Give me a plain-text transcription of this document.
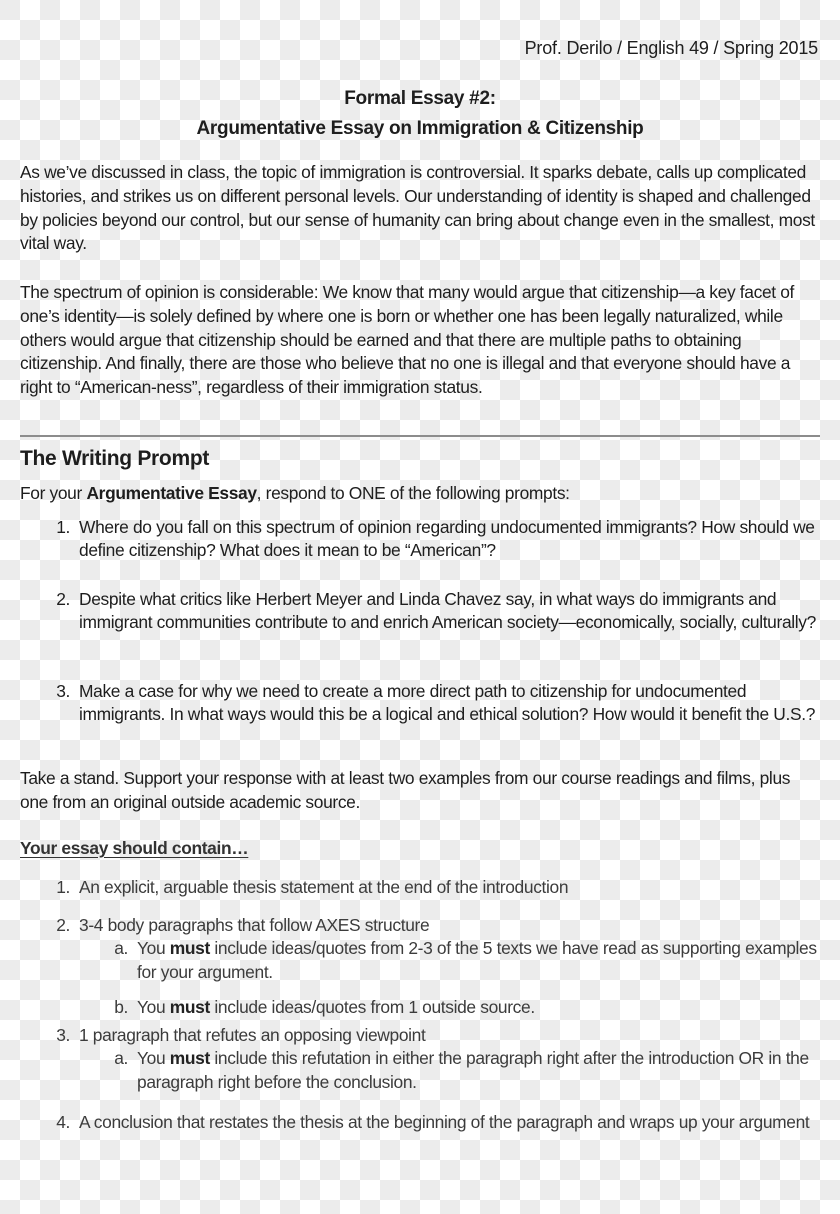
Prof. Derilo / English 49 / Spring 2015
Formal Essay #2:
Argumentative Essay on Immigration & Citizenship
As we’ve discussed in class, the topic of immigration is controversial. It sparks debate, calls up complicated histories, and strikes us on different personal levels. Our understanding of identity is shaped and challenged by policies beyond our control, but our sense of humanity can bring about change even in the smallest, most vital way.
The spectrum of opinion is considerable: We know that many would argue that citizenship—a key facet of one’s identity—is solely defined by where one is born or whether one has been legally naturalized, while others would argue that citizenship should be earned and that there are multiple paths to obtaining citizenship. And finally, there are those who believe that no one is illegal and that everyone should have a right to “American-ness”, regardless of their immigration status.
The Writing Prompt
For your Argumentative Essay, respond to ONE of the following prompts:
1. Where do you fall on this spectrum of opinion regarding undocumented immigrants? How should we define citizenship? What does it mean to be “American”?
2. Despite what critics like Herbert Meyer and Linda Chavez say, in what ways do immigrants and immigrant communities contribute to and enrich American society—economically, socially, culturally?
3. Make a case for why we need to create a more direct path to citizenship for undocumented immigrants. In what ways would this be a logical and ethical solution? How would it benefit the U.S.?
Take a stand. Support your response with at least two examples from our course readings and films, plus one from an original outside academic source.
Your essay should contain…
1. An explicit, arguable thesis statement at the end of the introduction
2. 3-4 body paragraphs that follow AXES structure
a. You must include ideas/quotes from 2-3 of the 5 texts we have read as supporting examples for your argument.
b. You must include ideas/quotes from 1 outside source.
3. 1 paragraph that refutes an opposing viewpoint
a. You must include this refutation in either the paragraph right after the introduction OR in the paragraph right before the conclusion.
4. A conclusion that restates the thesis at the beginning of the paragraph and wraps up your argument
